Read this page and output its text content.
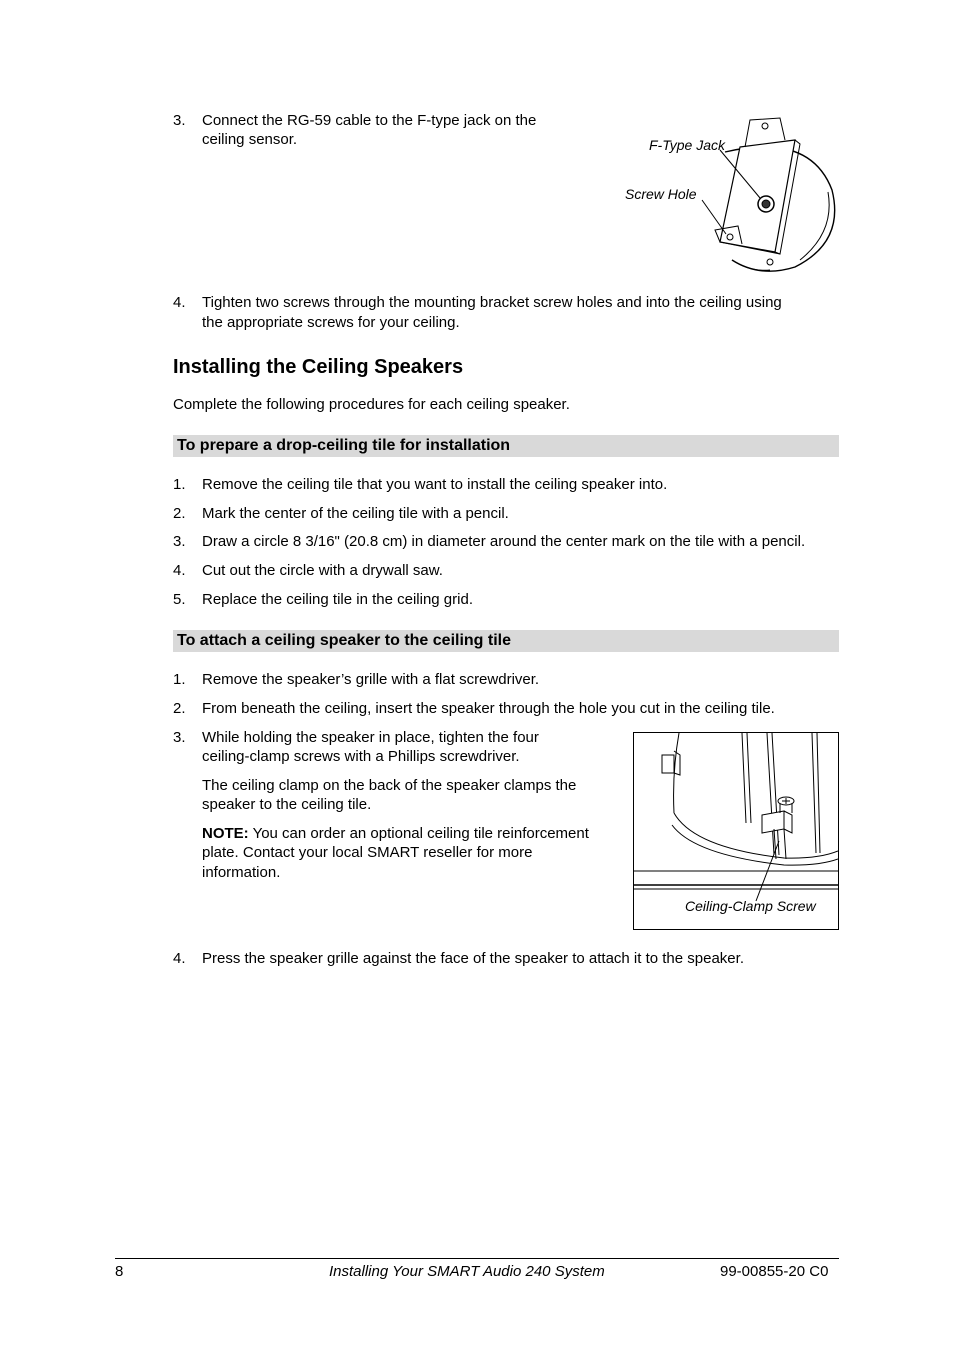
3.	Connect the RG-59 cable to the F-type jack on the
ceiling sensor.	F-Type Jack
Screw Hole
4.	Tighten two screws through the mounting bracket screw holes and into the ceiling using
the appropriate screws for your ceiling.
Installing the Ceiling Speakers
Complete the following procedures for each ceiling speaker.
To prepare a drop-ceiling tile for installation
1.	Remove the ceiling tile that you want to install the ceiling speaker into.
2.	Mark the center of the ceiling tile with a pencil.
3.	Draw a circle 8 3/16" (20.8 cm) in diameter around the center mark on the tile with a pencil.
4.	Cut out the circle with a drywall saw.
5.	Replace the ceiling tile in the ceiling grid.
To attach a ceiling speaker to the ceiling tile
1.	Remove the speaker’s grille with a flat screwdriver.
2.	From beneath the ceiling, insert the speaker through the hole you cut in the ceiling tile.
3.	While holding the speaker in place, tighten the four
ceiling-clamp screws with a Phillips screwdriver.
The ceiling clamp on the back of the speaker clamps the
speaker to the ceiling tile.
NOTE: You can order an optional ceiling tile reinforcement
plate. Contact your local SMART reseller for more
information.
Ceiling-Clamp Screw
4.	Press the speaker grille against the face of the speaker to attach it to the speaker.
8	Installing Your SMART Audio 240 System	99-00855-20 C0
